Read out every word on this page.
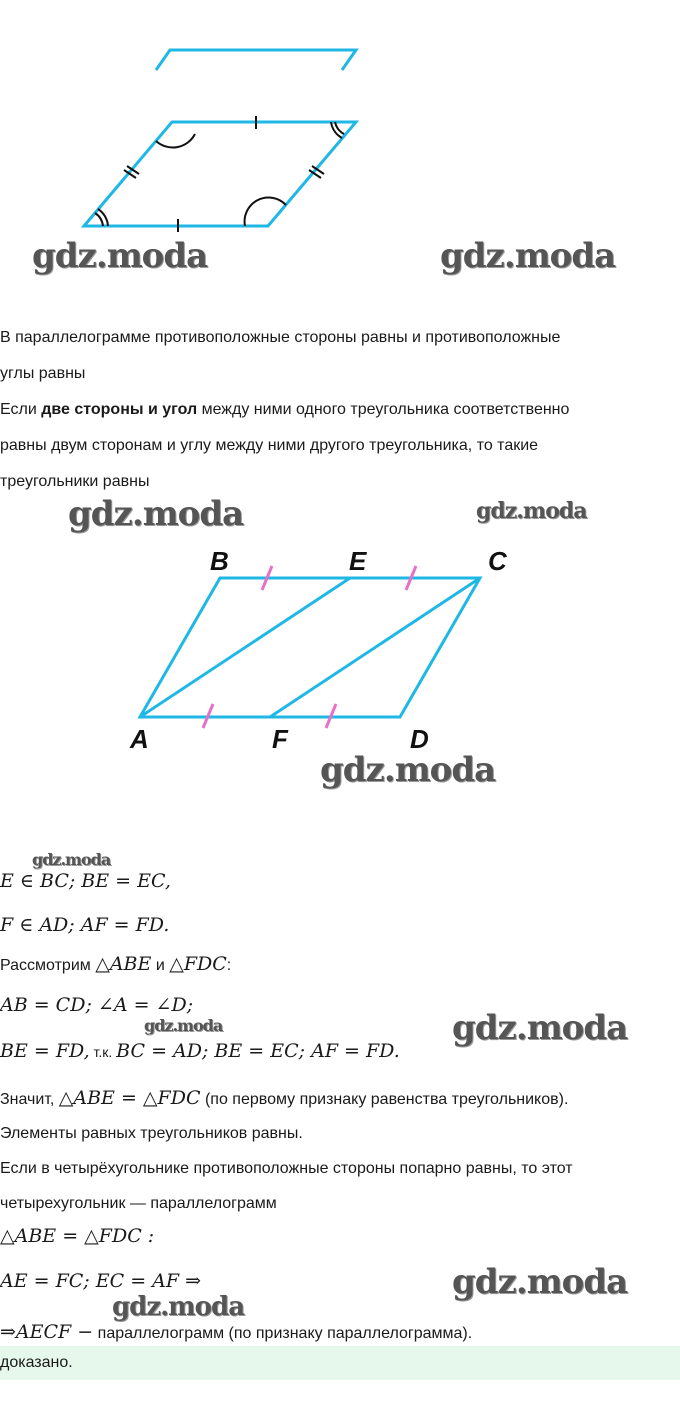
gdz.moda	gdz.moda
В параллелограмме противоположные стороны равны и противоположные
углы равны
Если две стороны и угол между ними одного треугольника соответственно
равны двум сторонам и углу между ними другого треугольника, то такие
треугольники равны
gdz.moda	gdz.moda
B	E	C
A	F	D
gdz.moda
gdz.moda
E ∈ BC; BE = EC,
F ∈ AD; AF = FD.
Рассмотрим △ABE и △FDC:
AB = CD; ∠A = ∠D;
gdz.moda	gdz.moda
BE = FD, т.к. BC = AD; BE = EC; AF = FD.
Значит, △ABE = △FDC (по первому признаку равенства треугольников).
Элементы равных треугольников равны.
Если в четырёхугольнике противоположные стороны попарно равны, то этот
четырехугольник — параллелограмм
△ABE = △FDC :
AE = FC; EC = AF ⇒	gdz.moda
gdz.moda
⇒AECF − параллелограмм (по признаку параллелограмма).
доказано.
